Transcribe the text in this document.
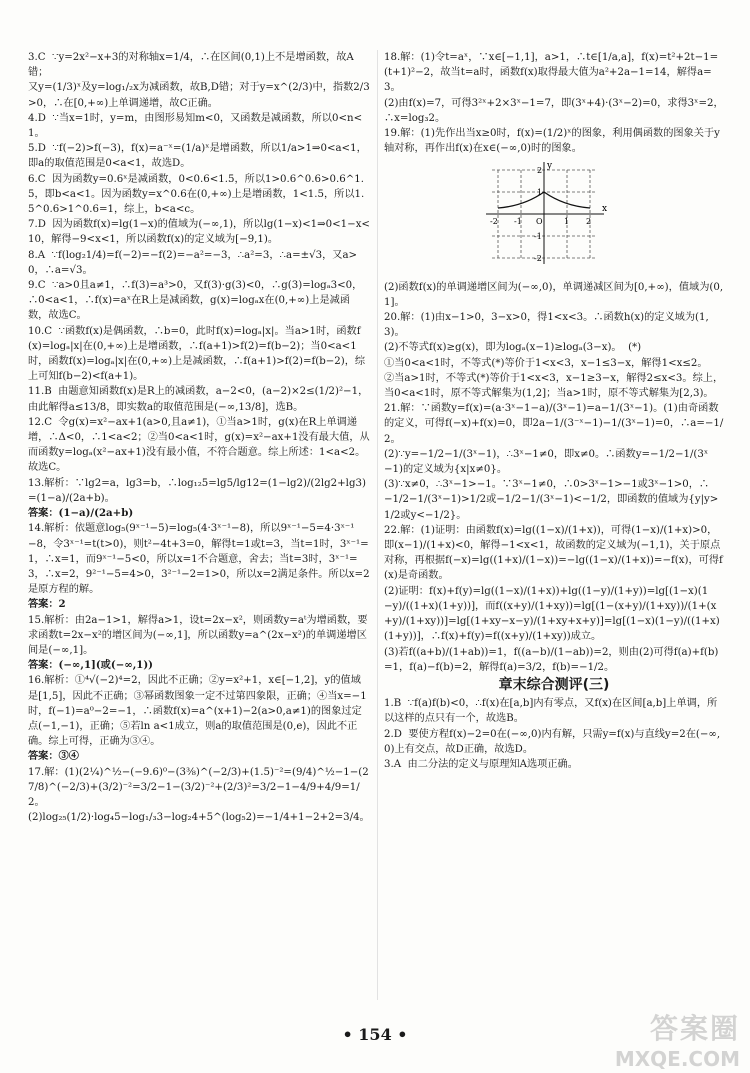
3.C  ∵y=2x²−x+3的对称轴x=1/4，∴在区间(0,1)上不是增函数，故A错；

又y=(1/3)ˣ及y=log₁/₂x为减函数，故B,D错；对于y=x^(2/3)中，指数2/3>0，∴在[0,+∞)上单调递增，故C正确。

4.D  ∵当x=1时，y=m，由图形易知m<0，又函数是减函数，所以0<n<1。

5.D  ∵f(−2)>f(−3)，f(x)=a⁻ˣ=(1/a)ˣ是增函数，所以1/a>1⇒0<a<1，即a的取值范围是0<a<1，故选D。

6.C  因为函数y=0.6ˣ是减函数，0<0.6<1.5，所以1>0.6^0.6>0.6^1.5，即b<a<1。因为函数y=x^0.6在(0,+∞)上是增函数，1<1.5，所以1.5^0.6>1^0.6=1，综上，b<a<c。

7.D  因为函数f(x)=lg(1−x)的值域为(−∞,1)，所以lg(1−x)<1⇒0<1−x<10，解得−9<x<1，所以函数f(x)的定义域为[−9,1)。

8.A  ∵f(log₂1/4)=f(−2)=−f(2)=−a²=−3，∴a²=3，∴a=±√3，又a>0，∴a=√3。

9.C  ∵a>0且a≠1，∴f(3)=a³>0，又f(3)·g(3)<0，∴g(3)=logₐ3<0，∴0<a<1，∴f(x)=aˣ在R上是减函数，g(x)=logₐx在(0,+∞)上是减函数，故选C。

10.C  ∵函数f(x)是偶函数，∴b=0，此时f(x)=logₐ|x|。当a>1时，函数f(x)=logₐ|x|在(0,+∞)上是增函数，∴f(a+1)>f(2)=f(b−2)；当0<a<1时，函数f(x)=logₐ|x|在(0,+∞)上是减函数，∴f(a+1)>f(2)=f(b−2)，综上可知f(b−2)<f(a+1)。

11.B  由题意知函数f(x)是R上的减函数，a−2<0，(a−2)×2≤(1/2)²−1，由此解得a≤13/8，即实数a的取值范围是(−∞,13/8]，选B。

12.C  令g(x)=x²−ax+1(a>0,且a≠1)，①当a>1时，g(x)在R上单调递增，∴Δ<0，∴1<a<2；②当0<a<1时，g(x)=x²−ax+1没有最大值，从而函数y=logₐ(x²−ax+1)没有最小值，不符合题意。综上所述：1<a<2。故选C。

13.解析：∵lg2=a，lg3=b，∴log₁₂5=lg5/lg12=(1−lg2)/(2lg2+lg3)=(1−a)/(2a+b)。

答案：(1−a)/(2a+b)

14.解析：依题意log₅(9ˣ⁻¹−5)=log₅(4·3ˣ⁻¹−8)，所以9ˣ⁻¹−5=4·3ˣ⁻¹−8，令3ˣ⁻¹=t(t>0)，则t²−4t+3=0，解得t=1或t=3，当t=1时，3ˣ⁻¹=1，∴x=1，而9ˣ⁻¹−5<0，所以x=1不合题意，舍去；当t=3时，3ˣ⁻¹=3，∴x=2，9²⁻¹−5=4>0，3²⁻¹−2=1>0，所以x=2满足条件。所以x=2是原方程的解。

答案：2

15.解析：由2a−1>1，解得a>1，设t=2x−x²，则函数y=aᵗ为增函数，要求函数t=2x−x²的增区间为(−∞,1]，所以函数y=a^(2x−x²)的单调递增区间是(−∞,1]。

答案：(−∞,1](或(−∞,1))

16.解析：①⁴√(−2)⁴=2，因此不正确；②y=x²+1，x∈[−1,2]，y的值域是[1,5]，因此不正确；③幂函数图象一定不过第四象限，正确；④当x=−1时，f(−1)=a⁰−2=−1，∴函数f(x)=a^(x+1)−2(a>0,a≠1)的图象过定点(−1,−1)，正确；⑤若ln a<1成立，则a的取值范围是(0,e)，因此不正确。综上可得，正确为③④。

答案：③④

17.解：(1)(2¼)^½−(−9.6)⁰−(3⅜)^(−2/3)+(1.5)⁻²=(9/4)^½−1−(27/8)^(−2/3)+(3/2)⁻²=3/2−1−(3/2)⁻²+(2/3)²=3/2−1−4/9+4/9=1/2。

(2)log₂₅(1/2)·log₄5−log₁/₃3−log₂4+5^(log₅2)=−1/4+1−2+2=3/4。

18.解：(1)令t=aˣ，∵x∈[−1,1]，a>1，∴t∈[1/a,a]，f(x)=t²+2t−1=(t+1)²−2，故当t=a时，函数f(x)取得最大值为a²+2a−1=14，解得a=3。

(2)由f(x)=7，可得3²ˣ+2×3ˣ−1=7，即(3ˣ+4)·(3ˣ−2)=0，求得3ˣ=2，∴x=log₃2。

19.解：(1)先作出当x≥0时，f(x)=(1/2)ˣ的图象，利用偶函数的图象关于y轴对称，再作出f(x)在x∈(−∞,0)时的图象。

y
x
-2 -1 O	1 2
2
1
-1
-2

(2)函数f(x)的单调递增区间为(−∞,0)，单调递减区间为[0,+∞)，值域为(0,1]。

20.解：(1)由x−1>0，3−x>0，得1<x<3。∴函数h(x)的定义域为(1,3)。

(2)不等式f(x)≥g(x)，即为logₐ(x−1)≥logₐ(3−x)。  (*)

①当0<a<1时，不等式(*)等价于1<x<3，x−1≤3−x，解得1<x≤2。

②当a>1时，不等式(*)等价于1<x<3，x−1≥3−x，解得2≤x<3。综上，当0<a<1时，原不等式解集为(1,2]；当a>1时，原不等式解集为[2,3)。

21.解：∵函数y=f(x)=(a·3ˣ−1−a)/(3ˣ−1)=a−1/(3ˣ−1)。(1)由奇函数的定义，可得f(−x)+f(x)=0，即2a−1/(3⁻ˣ−1)−1/(3ˣ−1)=0，∴a=−1/2。

(2)∵y=−1/2−1/(3ˣ−1)，∴3ˣ−1≠0，即x≠0。∴函数y=−1/2−1/(3ˣ−1)的定义域为{x|x≠0}。

(3)∵x≠0，∴3ˣ−1>−1。∵3ˣ−1≠0，∴0>3ˣ−1>−1或3ˣ−1>0，∴−1/2−1/(3ˣ−1)>1/2或−1/2−1/(3ˣ−1)<−1/2，即函数的值域为{y|y>1/2或y<−1/2}。

22.解：(1)证明：由函数f(x)=lg((1−x)/(1+x))，可得(1−x)/(1+x)>0，即(x−1)/(1+x)<0，解得−1<x<1，故函数的定义域为(−1,1)，关于原点对称，再根据f(−x)=lg((1+x)/(1−x))=−lg((1−x)/(1+x))=−f(x)，可得f(x)是奇函数。

(2)证明：f(x)+f(y)=lg((1−x)/(1+x))+lg((1−y)/(1+y))=lg[(1−x)(1−y)/((1+x)(1+y))]，而f((x+y)/(1+xy))=lg[(1−(x+y)/(1+xy))/(1+(x+y)/(1+xy))]=lg[(1+xy−x−y)/(1+xy+x+y)]=lg[(1−x)(1−y)/((1+x)(1+y))]，∴f(x)+f(y)=f((x+y)/(1+xy))成立。

(3)若f((a+b)/(1+ab))=1，f((a−b)/(1−ab))=2，则由(2)可得f(a)+f(b)=1，f(a)−f(b)=2，解得f(a)=3/2，f(b)=−1/2。

章末综合测评(三)

1.B  ∵f(a)f(b)<0，∴f(x)在[a,b]内有零点，又f(x)在区间[a,b]上单调，所以这样的点只有一个，故选B。

2.D  要使方程f(x)−2=0在(−∞,0)内有解，只需y=f(x)与直线y=2在(−∞,0)上有交点，故D正确，故选D。

3.A  由二分法的定义与原理知A选项正确。

• 154 •	答案圈
MXQE.COM
